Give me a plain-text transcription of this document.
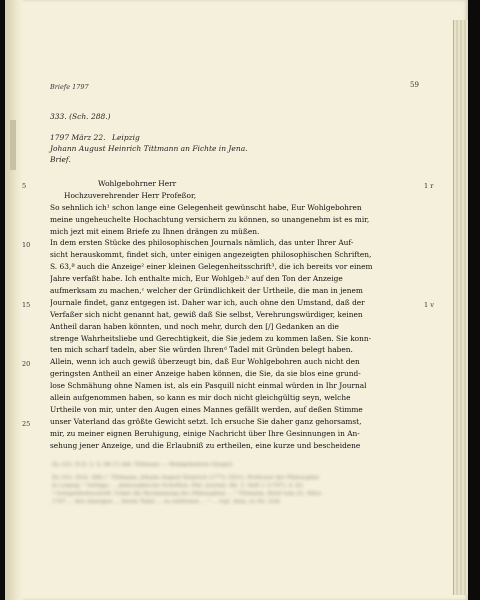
Briefe 1797	59
333. (Sch. 288.)
1797 März 22. Leipzig
Johann August Heinrich Tittmann an Fichte in Jena.
Brief.
Wohlgebohrner Herr
Hochzuverehrender Herr Profeßor,
So sehnlich ich¹ schon lange eine Gelegenheit gewünscht habe, Eur Wohlgebohren
meine ungeheuchelte Hochachtung versichern zu können, so unangenehm ist es mir,
mich jezt mit einem Briefe zu Ihnen drängen zu müßen.
In dem ersten Stücke des philosophischen Journals nämlich, das unter Ihrer Auf-
sicht herauskommt, findet sich, unter einigen angezeigten philosophischen Schriften,
S. 63,ª auch die Anzeige² einer kleinen Gelegenheitsschrift³, die ich bereits vor einem
Jahre verfaßt habe. Ich enthalte mich, Eur Wohlgeb.ᵇ auf den Ton der Anzeige
aufmerksam zu machen,ᶜ welcher der Gründlichkeit der Urtheile, die man in jenem
Journale findet, ganz entgegen ist. Daher war ich, auch ohne den Umstand, daß der
Verfaßer sich nicht genannt hat, gewiß daß Sie selbst, Verehrungswürdiger, keinen
Antheil daran haben könnten, und noch mehr, durch den [/] Gedanken an die
strenge Wahrheitsliebe und Gerechtigkeit, die Sie jedem zu kommen laßen. Sie konn-
ten mich scharf tadeln, aber Sie würden Ihrenᵈ Tadel mit Gründen belegt haben.
Allein, wenn ich auch gewiß überzeugt bin, daß Eur Wohlgebohren auch nicht den
geringsten Antheil an einer Anzeige haben können, die Sie, da sie blos eine grund-
lose Schmähung ohne Namen ist, als ein Pasquill nicht einmal würden in Ihr Journal
allein aufgenommen haben, so kann es mir doch nicht gleichgültig seyn, welche
Urtheile von mir, unter den Augen eines Mannes gefällt werden, auf deßen Stimme
unser Vaterland das größte Gewicht setzt. Ich ersuche Sie daher ganz gehorsamst,
mir, zu meiner eignen Beruhigung, einige Nachricht über Ihre Gesinnungen in An-
sehung jener Anzeige, und die Erlaubniß zu ertheilen, eine kurze und bescheidene
5
10
15
20
25
1 r
1 v
Zu 333. H.II. 2. S. 98 (?) Adr. Tittmann — Wohlgebohren (Siegel)
Zu 333. (Sch. 288.) ¹ Tittmann, Johann August Heinrich (1773–1831), Professor der Philosophie
in Leipzig. ² Vorlage: ... philosophische Schriften, Phil. Journal, Bd. 5, Heft 1 (1797), S. 63.
³ Gelegenheitsschrift; Ueber die Bestimmung des Philosophen ... ⁴ Tittmann, Brief vom 22. März
1797 ... den Anzeigen ... Ihrem Tadel ... zu entfernen ... ⁵ ... (vgl. Anm. zu Nr. 334)
